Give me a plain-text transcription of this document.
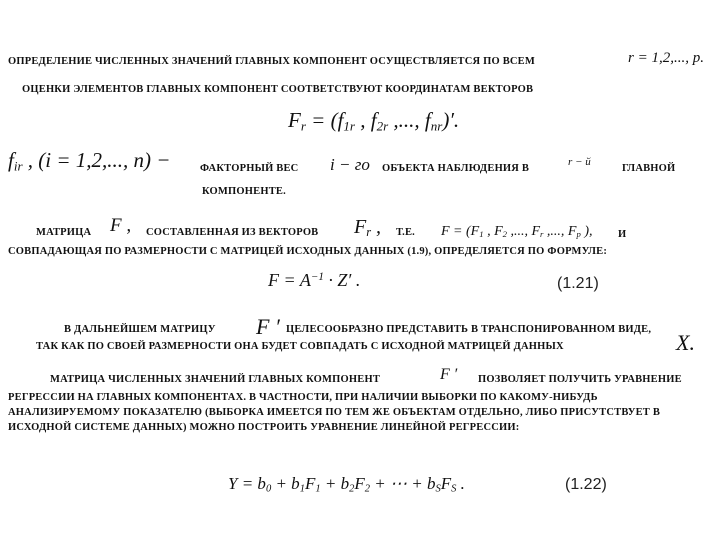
ОПРЕДЕЛЕНИЕ ЧИСЛЕННЫХ ЗНАЧЕНИЙ ГЛАВНЫХ КОМПОНЕНТ ОСУЩЕСТВЛЯЕТСЯ ПО ВСЕМ	r = 1,2,..., p.
ОЦЕНКИ ЭЛЕМЕНТОВ ГЛАВНЫХ КОМПОНЕНТ СООТВЕТСТВУЮТ КООРДИНАТАМ ВЕКТОРОВ
$F_r = (f_{1r}$ , $f_{2r}$ ,..., $f_{nr})'$.
$f_{ir}$ , (i = 1,2,..., n) −	ФАКТОРНЫЙ ВЕС i − го ОБЪЕКТА НАБЛЮДЕНИЯ В
r − й
ГЛАВНОЙ
КОМПОНЕНТЕ.
МАТРИЦА F , СОСТАВЛЕННАЯ ИЗ ВЕКТОРОВ $F_r$ , Т.Е. $F = (F_1$ , $F_2$ ,..., $F_r$ ,..., $F_p$ ), И
СОВПАДАЮЩАЯ ПО РАЗМЕРНОСТИ С МАТРИЦЕЙ ИСХОДНЫХ ДАННЫХ (1.9), ОПРЕДЕЛЯЕТСЯ ПО ФОРМУЛЕ:
$F = A^{-1} \cdot Z'$ .	(1.21)
В ДАЛЬНЕЙШЕМ МАТРИЦУ F ′ ЦЕЛЕСООБРАЗНО ПРЕДСТАВИТЬ В ТРАНСПОНИРОВАННОМ ВИДЕ,
ТАК КАК ПО СВОЕЙ РАЗМЕРНОСТИ ОНА БУДЕТ СОВПАДАТЬ С ИСХОДНОЙ МАТРИЦЕЙ ДАННЫХ	X.
МАТРИЦА ЧИСЛЕННЫХ ЗНАЧЕНИЙ ГЛАВНЫХ КОМПОНЕНТ	F ′ ПОЗВОЛЯЕТ ПОЛУЧИТЬ УРАВНЕНИЕ
РЕГРЕССИИ НА ГЛАВНЫХ КОМПОНЕНТАХ. В ЧАСТНОСТИ, ПРИ НАЛИЧИИ ВЫБОРКИ ПО КАКОМУ-НИБУДЬ АНАЛИЗИРУЕМОМУ ПОКАЗАТЕЛЮ (ВЫБОРКА ИМЕЕТСЯ ПО ТЕМ ЖЕ ОБЪЕКТАМ ОТДЕЛЬНО, ЛИБО ПРИСУТСТВУЕТ В ИСХОДНОЙ СИСТЕМЕ ДАННЫХ) МОЖНО ПОСТРОИТЬ УРАВНЕНИЕ ЛИНЕЙНОЙ РЕГРЕССИИ:
$Y = b_0 + b_1F_1 + b_2F_2$ + ⋯ + $b_SF_S$ .	(1.22)
